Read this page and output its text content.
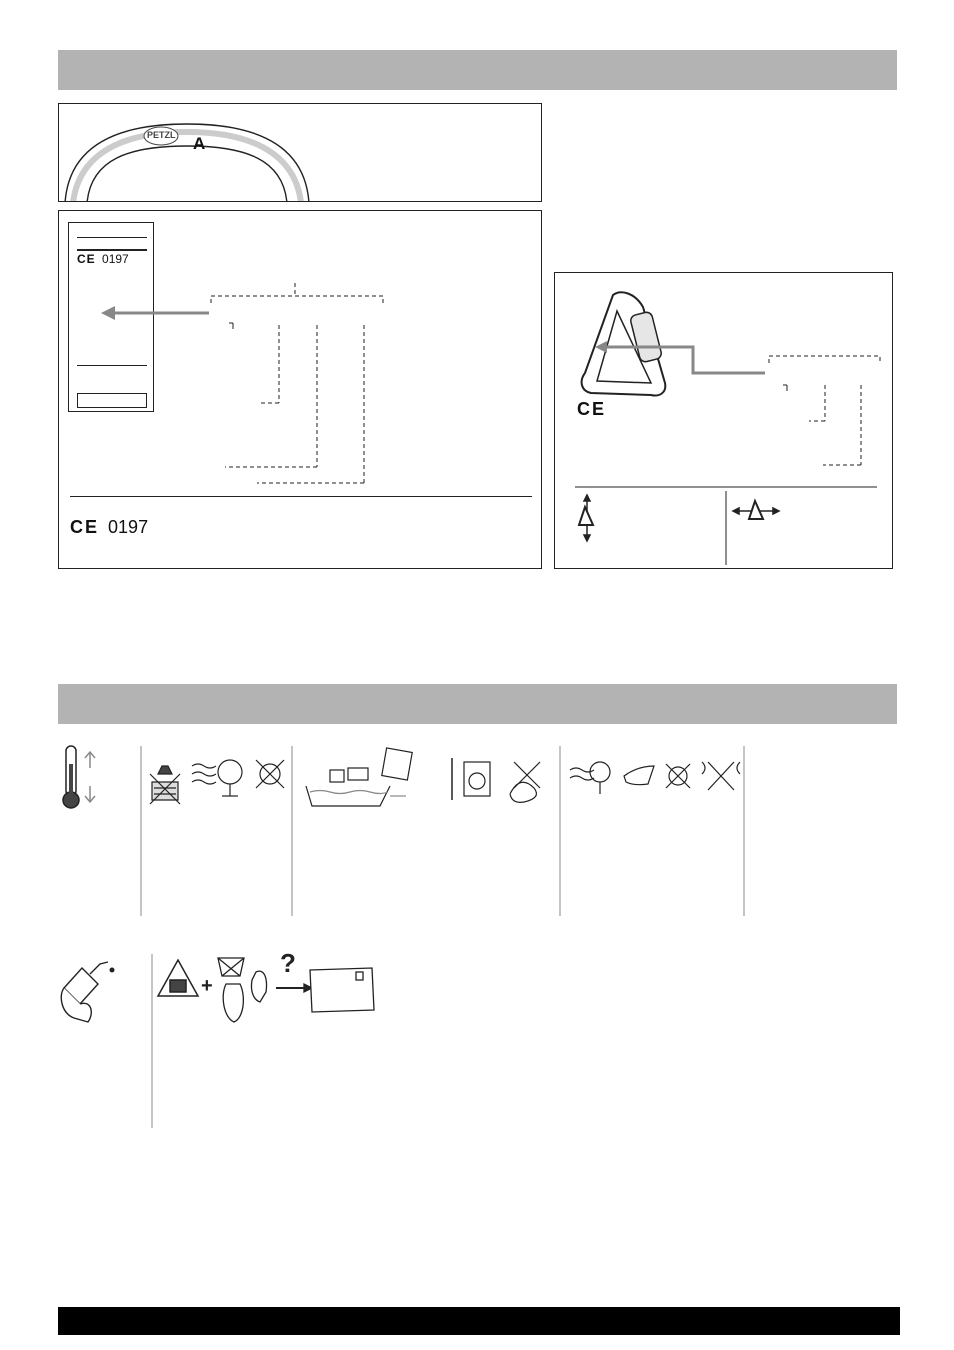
PETZL A
CE 0197
CE 0197
CE
+
?
